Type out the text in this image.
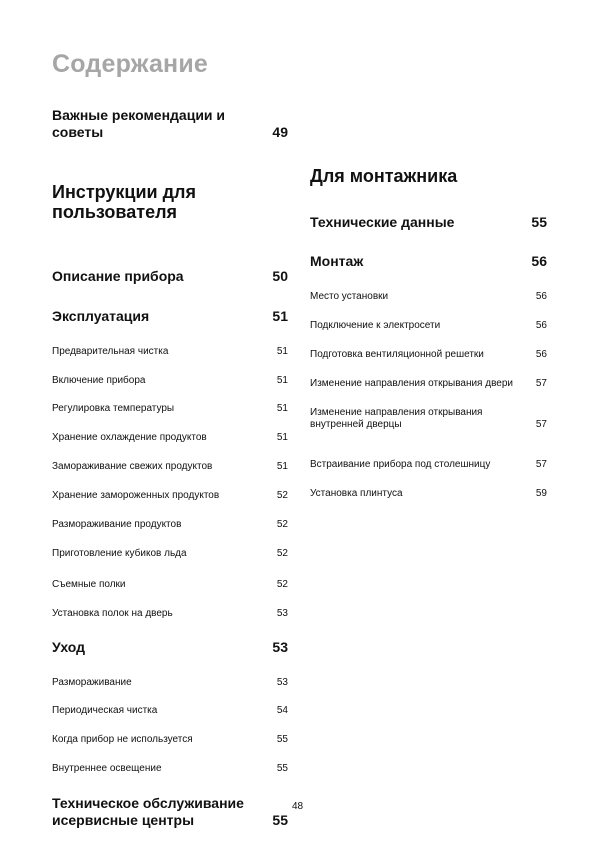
Содержание
Важные рекомендации и советы	49
Инструкции для пользователя
Описание прибора	50
Эксплуатация	51
Предварительная чистка	51
Включение прибора	51
Регулировка температуры	51
Хранение охлаждение продуктов	51
Замораживание свежих продуктов	51
Хранение замороженных продуктов	52
Размораживание продуктов	52
Приготовление кубиков льда	52
Съемные полки	52
Установка полок на дверь	53
Уход	53
Размораживание	53
Периодическая чистка	54
Когда прибор не используется	55
Внутреннее освещение	55
Техническое обслуживание
исервисные центры	55
Для монтажника
Технические данные	55
Монтаж	56
Место установки	56
Подключение к электросети	56
Подготовка вентиляционной решетки	56
Изменение направления открывания двери	57
Изменение направления открывания внутренней дверцы	57
Встраивание прибора под столешницу	57
Установка плинтуса	59
48
